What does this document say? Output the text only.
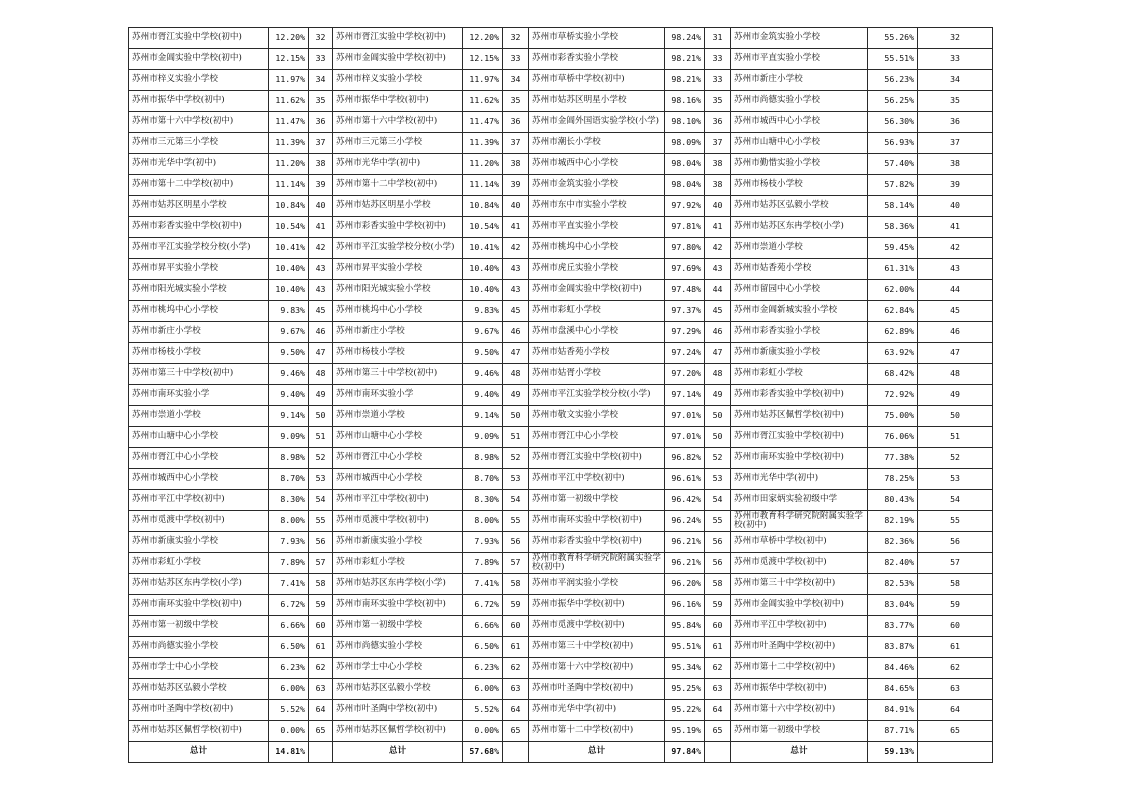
苏州市胥江实验中学校(初中)	12.20%	32	苏州市胥江实验中学校(初中)	12.20%	32	苏州市草桥实验小学校	98.24%	31	苏州市金筑实验小学校	55.26%	32
苏州市金阊实验中学校(初中)	12.15%	33	苏州市金阊实验中学校(初中)	12.15%	33	苏州市彩香实验小学校	98.21%	33	苏州市平直实验小学校	55.51%	33
苏州市梓义实验小学校	11.97%	34	苏州市梓义实验小学校	11.97%	34	苏州市草桥中学校(初中)	98.21%	33	苏州市新庄小学校	56.23%	34
苏州市振华中学校(初中)	11.62%	35	苏州市振华中学校(初中)	11.62%	35	苏州市姑苏区明星小学校	98.16%	35	苏州市尚德实验小学校	56.25%	35
苏州市第十六中学校(初中)	11.47%	36	苏州市第十六中学校(初中)	11.47%	36	苏州市金阊外国语实验学校(小学)	98.10%	36	苏州市城西中心小学校	56.30%	36
苏州市三元第三小学校	11.39%	37	苏州市三元第三小学校	11.39%	37	苏州市潮长小学校	98.09%	37	苏州市山塘中心小学校	56.93%	37
苏州市光华中学(初中)	11.20%	38	苏州市光华中学(初中)	11.20%	38	苏州市城西中心小学校	98.04%	38	苏州市勤惜实验小学校	57.40%	38
苏州市第十二中学校(初中)	11.14%	39	苏州市第十二中学校(初中)	11.14%	39	苏州市金筑实验小学校	98.04%	38	苏州市杨枝小学校	57.82%	39
苏州市姑苏区明星小学校	10.84%	40	苏州市姑苏区明星小学校	10.84%	40	苏州市东中市实验小学校	97.92%	40	苏州市姑苏区弘毅小学校	58.14%	40
苏州市彩香实验中学校(初中)	10.54%	41	苏州市彩香实验中学校(初中)	10.54%	41	苏州市平直实验小学校	97.81%	41	苏州市姑苏区东冉学校(小学)	58.36%	41
苏州市平江实验学校分校(小学)	10.41%	42	苏州市平江实验学校分校(小学)	10.41%	42	苏州市桃坞中心小学校	97.80%	42	苏州市崇道小学校	59.45%	42
苏州市昇平实验小学校	10.40%	43	苏州市昇平实验小学校	10.40%	43	苏州市虎丘实验小学校	97.69%	43	苏州市姑香苑小学校	61.31%	43
苏州市阳光城实验小学校	10.40%	43	苏州市阳光城实验小学校	10.40%	43	苏州市金阊实验中学校(初中)	97.48%	44	苏州市留园中心小学校	62.00%	44
苏州市桃坞中心小学校	9.83%	45	苏州市桃坞中心小学校	9.83%	45	苏州市彩虹小学校	97.37%	45	苏州市金阊新城实验小学校	62.84%	45
苏州市新庄小学校	9.67%	46	苏州市新庄小学校	9.67%	46	苏州市盘溪中心小学校	97.29%	46	苏州市彩香实验小学校	62.89%	46
苏州市杨枝小学校	9.50%	47	苏州市杨枝小学校	9.50%	47	苏州市姑香苑小学校	97.24%	47	苏州市新康实验小学校	63.92%	47
苏州市第三十中学校(初中)	9.46%	48	苏州市第三十中学校(初中)	9.46%	48	苏州市姑胥小学校	97.20%	48	苏州市彩虹小学校	68.42%	48
苏州市南环实验小学	9.40%	49	苏州市南环实验小学	9.40%	49	苏州市平江实验学校分校(小学)	97.14%	49	苏州市彩香实验中学校(初中)	72.92%	49
苏州市崇道小学校	9.14%	50	苏州市崇道小学校	9.14%	50	苏州市敬文实验小学校	97.01%	50	苏州市姑苏区佩哲学校(初中)	75.00%	50
苏州市山塘中心小学校	9.09%	51	苏州市山塘中心小学校	9.09%	51	苏州市胥江中心小学校	97.01%	50	苏州市胥江实验中学校(初中)	76.06%	51
苏州市胥江中心小学校	8.98%	52	苏州市胥江中心小学校	8.98%	52	苏州市胥江实验中学校(初中)	96.82%	52	苏州市南环实验中学校(初中)	77.38%	52
苏州市城西中心小学校	8.70%	53	苏州市城西中心小学校	8.70%	53	苏州市平江中学校(初中)	96.61%	53	苏州市光华中学(初中)	78.25%	53
苏州市平江中学校(初中)	8.30%	54	苏州市平江中学校(初中)	8.30%	54	苏州市第一初级中学校	96.42%	54	苏州市田家炳实验初级中学	80.43%	54
苏州市觅渡中学校(初中)	8.00%	55	苏州市觅渡中学校(初中)	8.00%	55	苏州市南环实验中学校(初中)	96.24%	55	苏州市教育科学研究院附属实验学校(初中)	82.19%	55
苏州市新康实验小学校	7.93%	56	苏州市新康实验小学校	7.93%	56	苏州市彩香实验中学校(初中)	96.21%	56	苏州市草桥中学校(初中)	82.36%	56
苏州市彩虹小学校	7.89%	57	苏州市彩虹小学校	7.89%	57	苏州市教育科学研究院附属实验学校(初中)	96.21%	56	苏州市觅渡中学校(初中)	82.40%	57
苏州市姑苏区东冉学校(小学)	7.41%	58	苏州市姑苏区东冉学校(小学)	7.41%	58	苏州市平润实验小学校	96.20%	58	苏州市第三十中学校(初中)	82.53%	58
苏州市南环实验中学校(初中)	6.72%	59	苏州市南环实验中学校(初中)	6.72%	59	苏州市振华中学校(初中)	96.16%	59	苏州市金阊实验中学校(初中)	83.04%	59
苏州市第一初级中学校	6.66%	60	苏州市第一初级中学校	6.66%	60	苏州市觅渡中学校(初中)	95.84%	60	苏州市平江中学校(初中)	83.77%	60
苏州市尚德实验小学校	6.50%	61	苏州市尚德实验小学校	6.50%	61	苏州市第三十中学校(初中)	95.51%	61	苏州市叶圣陶中学校(初中)	83.87%	61
苏州市学士中心小学校	6.23%	62	苏州市学士中心小学校	6.23%	62	苏州市第十六中学校(初中)	95.34%	62	苏州市第十二中学校(初中)	84.46%	62
苏州市姑苏区弘毅小学校	6.00%	63	苏州市姑苏区弘毅小学校	6.00%	63	苏州市叶圣陶中学校(初中)	95.25%	63	苏州市振华中学校(初中)	84.65%	63
苏州市叶圣陶中学校(初中)	5.52%	64	苏州市叶圣陶中学校(初中)	5.52%	64	苏州市光华中学(初中)	95.22%	64	苏州市第十六中学校(初中)	84.91%	64
苏州市姑苏区佩哲学校(初中)	0.00%	65	苏州市姑苏区佩哲学校(初中)	0.00%	65	苏州市第十二中学校(初中)	95.19%	65	苏州市第一初级中学校	87.71%	65
总计	14.81%		总计	57.68%		总计	97.84%		总计	59.13%	
